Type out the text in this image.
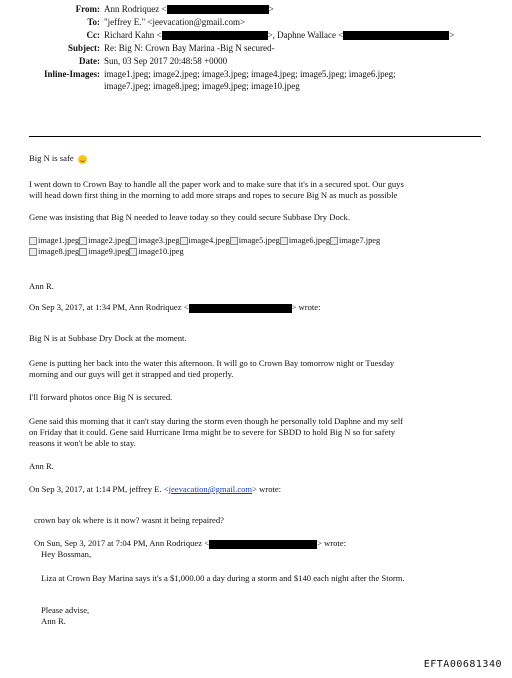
From: Ann Rodriquez <	>
To: "jeffrey E." <jeevacation@gmail.com>
Cc: Richard Kahn <	>, Daphne Wallace <	>
Subject: Re: Big N: Crown Bay Marina -Big N secured-
Date: Sun, 03 Sep 2017 20:48:58 +0000
Inline-Images: image1.jpeg; image2.jpeg; image3.jpeg; image4.jpeg; image5.jpeg; image6.jpeg;
image7.jpeg; image8.jpeg; image9.jpeg; image10.jpeg
Big N is safe
I went down to Crown Bay to handle all the paper work and to make sure that it's in a secured spot. Our guys
will head down first thing in the morning to add more straps and ropes to secure Big N as much as possible
Gene was insisting that Big N needed to leave today so they could secure Subbase Dry Dock.
image1.jpeg image2.jpeg image3.jpeg image4.jpeg image5.jpeg image6.jpeg image7.jpeg
image8.jpeg image9.jpeg image10.jpeg
Ann R.
On Sep 3, 2017, at 1:34 PM, Ann Rodriquez <	> wrote:
Big N is at Subbase Dry Dock at the moment.
Gene is putting her back into the water this afternoon. It will go to Crown Bay tomorrow night or Tuesday
morning and our guys will get it strapped and tied properly.
I'll forward photos once Big N is secured.
Gene said this morning that it can't stay during the storm even though he personally told Daphne and my self
on Friday that it could. Gene said Hurricane Irma might be to severe for SBDD to hold Big N so for safety
reasons it won't be able to stay.
Ann R.
On Sep 3, 2017, at 1:14 PM, jeffrey E. <jeevacation@gmail.com> wrote:
crown bay ok where is it now? wasnt it being repaired?
On Sun, Sep 3, 2017 at 7:04 PM, Ann Rodriquez <	> wrote:
Hey Bossman,
Liza at Crown Bay Marina says it's a $1,000.00 a day during a storm and $140 each night after the Storm.
Please advise,
Ann R.
EFTA00681340
